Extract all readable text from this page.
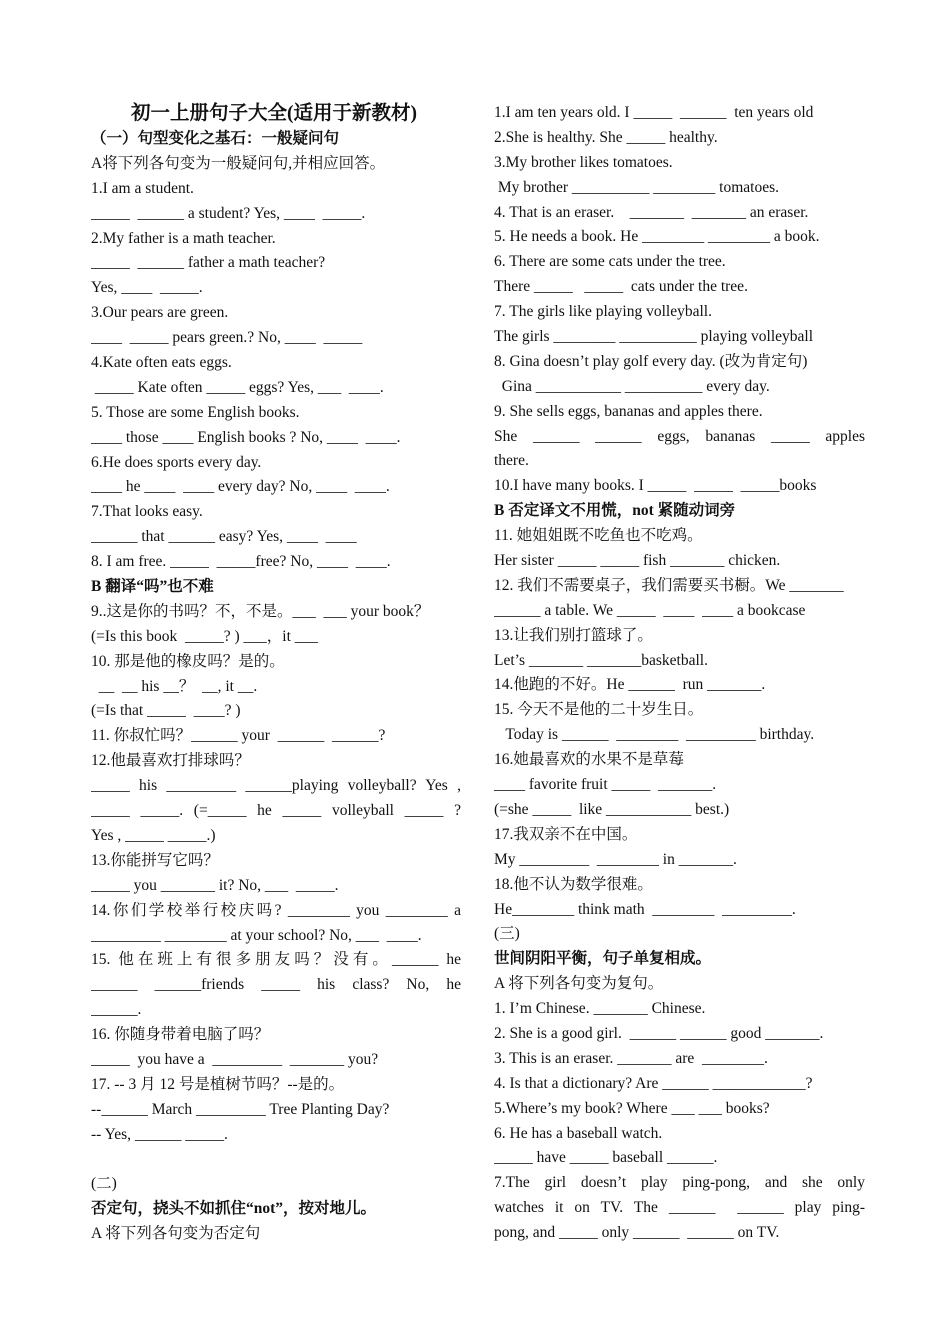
初一上册句子大全(适用于新教材)
（一）句型变化之基石：一般疑问句
A将下列各句变为一般疑问句,并相应回答。
1.I am a student.
_____  ______ a student? Yes, ____  _____.
2.My father is a math teacher.
_____  ______ father a math teacher?
Yes, ____  _____.
3.Our pears are green.
____  _____ pears green.? No, ____  _____
4.Kate often eats eggs.
_____ Kate often _____ eggs? Yes, ___  ____.
5. Those are some English books.
____ those ____ English books ? No, ____  ____.
6.He does sports every day.
____ he ____  ____ every day? No, ____  ____.
7.That looks easy.
______ that ______ easy? Yes, ____  ____
8. I am free. _____  _____free? No, ____  ____.
B 翻译“吗”也不难
9..这是你的书吗？不，不是。___  ___ your book？
(=Is this book  _____? ) ___，it ___
10. 那是他的橡皮吗？是的。
__  __ his __？  __, it __.
(=Is that _____  ____? )
11. 你叔忙吗？______ your  ______  ______?
12.他最喜欢打排球吗？
_____ his _________ ______playing volleyball? Yes ,
_____ _____. (=_____ he _____ volleyball _____ ?
Yes , _____ _____.)
13.你能拼写它吗？
_____ you _______ it? No, ___  _____.
14.你们学校举行校庆吗? ________ you ________ a
_________ ________ at your school? No, ___  ____.
15. 他在班上有很多朋友吗？没有。______ he
______ ______friends _____ his class? No, he
______.
16. 你随身带着电脑了吗？
_____  you have a  _________  _______ you?
17. -- 3 月 12 号是植树节吗？--是的。
--______ March _________ Tree Planting Day?
-- Yes, ______ _____.
(二)
否定句，挠头不如抓住“not”，按对地儿。
A 将下列各句变为否定句
1.I am ten years old. I _____  ______  ten years old
2.She is healthy. She _____ healthy.
3.My brother likes tomatoes.
My brother __________ ________ tomatoes.
4. That is an eraser.    _______  _______ an eraser.
5. He needs a book. He ________ ________ a book.
6. There are some cats under the tree.
There _____   _____  cats under the tree.
7. The girls like playing volleyball.
The girls ________ __________ playing volleyball
8. Gina doesn’t play golf every day. (改为肯定句)
Gina ___________ __________ every day.
9. She sells eggs, bananas and apples there.
She ______ ______ eggs, bananas _____ apples
there.
10.I have many books. I _____  _____  _____books
B 否定译文不用慌，not 紧随动词旁
11. 她姐姐既不吃鱼也不吃鸡。
Her sister _____ _____ fish _______ chicken.
12. 我们不需要桌子，我们需要买书橱。We _______
______ a table. We _____  ____  ____ a bookcase
13.让我们别打篮球了。
Let’s _______ _______basketball.
14.他跑的不好。He ______  run _______.
15. 今天不是他的二十岁生日。
Today is ______  ________  _________ birthday.
16.她最喜欢的水果不是草莓
____ favorite fruit _____  _______.
(=she _____  like ___________ best.)
17.我双亲不在中国。
My _________  ________ in _______.
18.他不认为数学很难。
He________ think math  ________  _________.
(三)
世间阴阳平衡，句子单复相成。
A 将下列各句变为复句。
1. I’m Chinese. _______ Chinese.
2. She is a good girl.  ______ ______ good _______.
3. This is an eraser. _______ are  ________.
4. Is that a dictionary? Are ______ ____________?
5.Where’s my book? Where ___ ___ books?
6. He has a baseball watch.
_____ have _____ baseball ______.
7.The girl doesn’t play ping-pong, and she only
watches it on TV. The ______  ______ play ping-
pong, and _____ only ______  ______ on TV.
